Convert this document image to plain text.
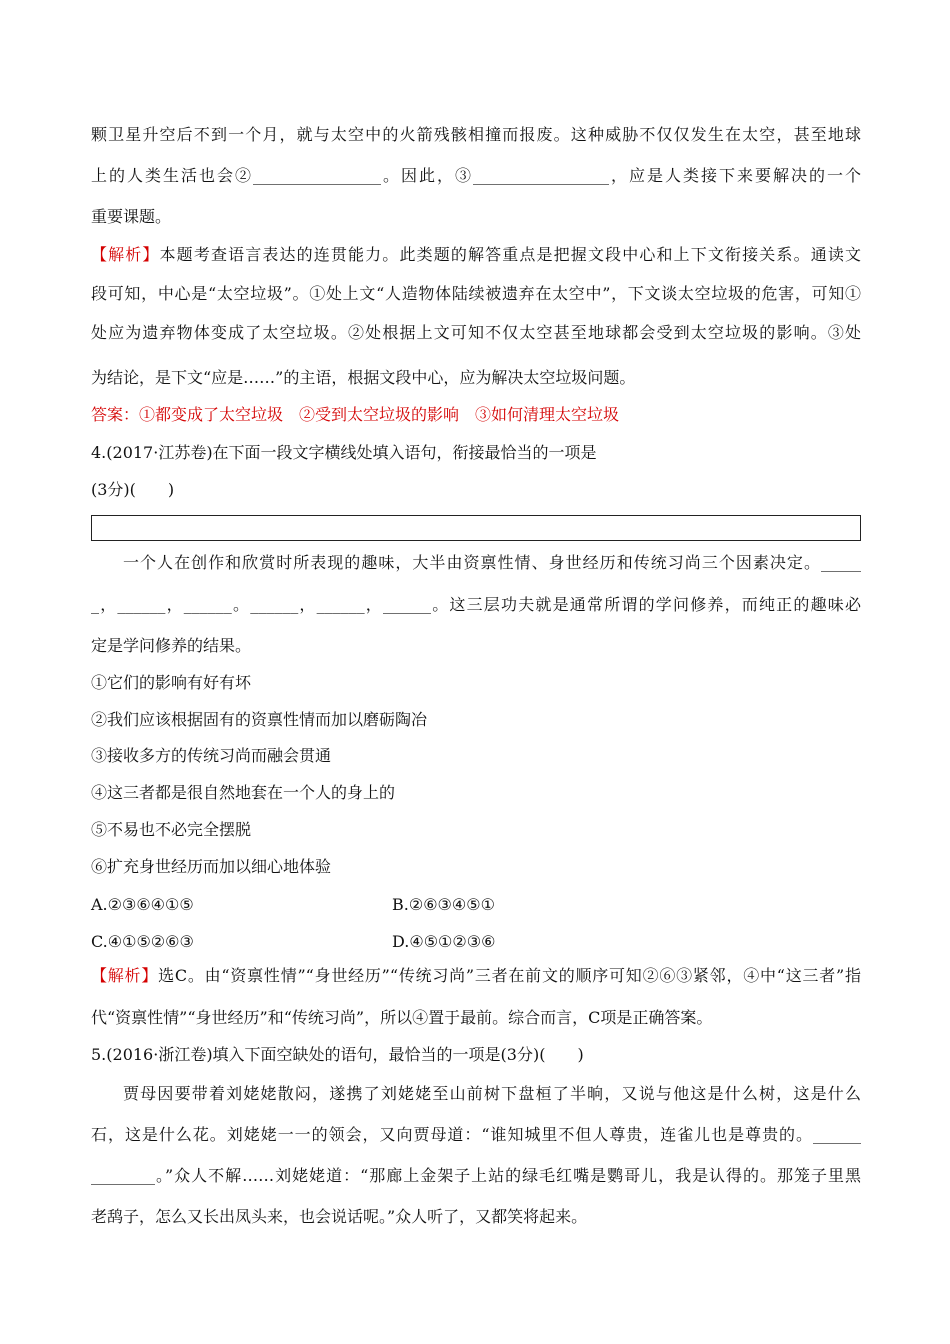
颗卫星升空后不到一个月，就与太空中的火箭残骸相撞而报废。这种威胁不仅仅发生在太空，甚至地球
上的人类生活也会②________________。因此，③_________________，应是人类接下来要解决的一个
重要课题。
【解析】本题考查语言表达的连贯能力。此类题的解答重点是把握文段中心和上下文衔接关系。通读文
段可知，中心是“太空垃圾”。①处上文“人造物体陆续被遗弃在太空中”，下文谈太空垃圾的危害，可知①
处应为遗弃物体变成了太空垃圾。②处根据上文可知不仅太空甚至地球都会受到太空垃圾的影响。③处
为结论，是下文“应是……”的主语，根据文段中心，应为解决太空垃圾问题。
答案：①都变成了太空垃圾　②受到太空垃圾的影响　③如何清理太空垃圾
4.(2017·江苏卷)在下面一段文字横线处填入语句，衔接最恰当的一项是
(3分)(　　)
一个人在创作和欣赏时所表现的趣味，大半由资禀性情、身世经历和传统习尚三个因素决定。_____
_，______，______。______，______，______。这三层功夫就是通常所谓的学问修养，而纯正的趣味必
定是学问修养的结果。
①它们的影响有好有坏
②我们应该根据固有的资禀性情而加以磨砺陶冶
③接收多方的传统习尚而融会贯通
④这三者都是很自然地套在一个人的身上的
⑤不易也不必完全摆脱
⑥扩充身世经历而加以细心地体验
A.②③⑥④①⑤	B.②⑥③④⑤①
C.④①⑤②⑥③	D.④⑤①②③⑥
【解析】选C。由“资禀性情”“身世经历”“传统习尚”三者在前文的顺序可知②⑥③紧邻，④中“这三者”指
代“资禀性情”“身世经历”和“传统习尚”，所以④置于最前。综合而言，C项是正确答案。
5.(2016·浙江卷)填入下面空缺处的语句，最恰当的一项是(3分)(　　)
贾母因要带着刘姥姥散闷，遂携了刘姥姥至山前树下盘桓了半晌，又说与他这是什么树，这是什么
石，这是什么花。刘姥姥一一的领会，又向贾母道：“谁知城里不但人尊贵，连雀儿也是尊贵的。______
________。”众人不解……刘姥姥道：“那廊上金架子上站的绿毛红嘴是鹦哥儿，我是认得的。那笼子里黑
老鸹子，怎么又长出凤头来，也会说话呢。”众人听了，又都笑将起来。
